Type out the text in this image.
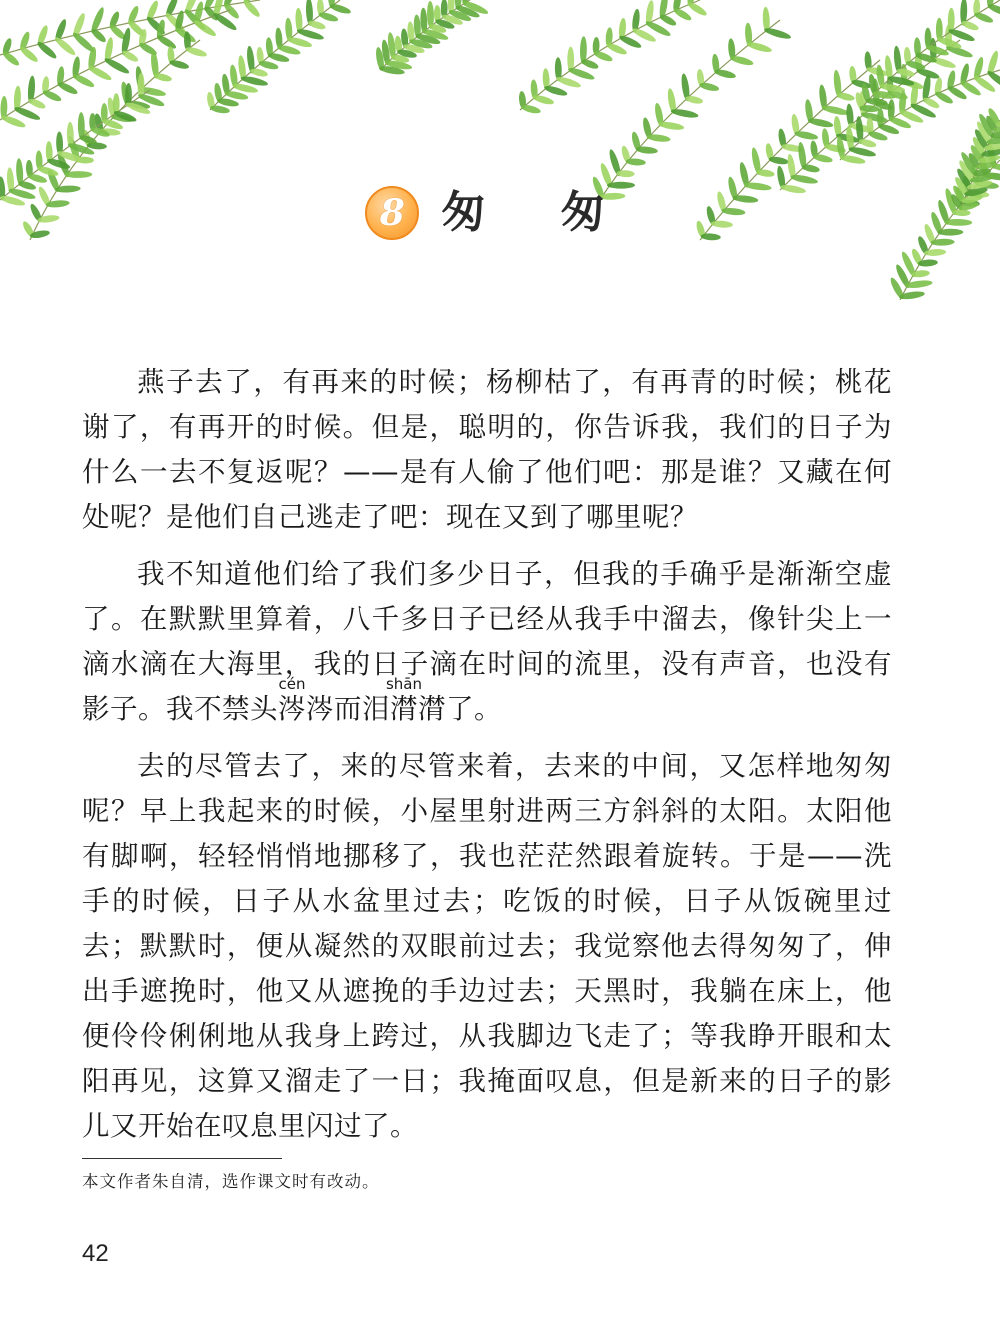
8 匆 匆

燕子去了，有再来的时候；杨柳枯了，有再青的时候；桃花谢了，有再开的时候。但是，聪明的，你告诉我，我们的日子为什么一去不复返呢？——是有人偷了他们吧：那是谁？又藏在何处呢？是他们自己逃走了吧：现在又到了哪里呢？

我不知道他们给了我们多少日子，但我的手确乎是渐渐空虚了。在默默里算着，八千多日子已经从我手中溜去，像针尖上一滴水滴在大海里，我的日子滴在时间的流里，没有声音，也没有影子。我不禁头涔cén涔而泪潸shān潸了。

去的尽管去了，来的尽管来着，去来的中间，又怎样地匆匆呢？早上我起来的时候，小屋里射进两三方斜斜的太阳。太阳他有脚啊，轻轻悄悄地挪移了，我也茫茫然跟着旋转。于是——洗手的时候，日子从水盆里过去；吃饭的时候，日子从饭碗里过去；默默时，便从凝然的双眼前过去；我觉察他去得匆匆了，伸出手遮挽时，他又从遮挽的手边过去；天黑时，我躺在床上，他便伶伶俐俐地从我身上跨过，从我脚边飞走了；等我睁开眼和太阳再见，这算又溜走了一日；我掩面叹息，但是新来的日子的影儿又开始在叹息里闪过了。

本文作者朱自清，选作课文时有改动。
42
